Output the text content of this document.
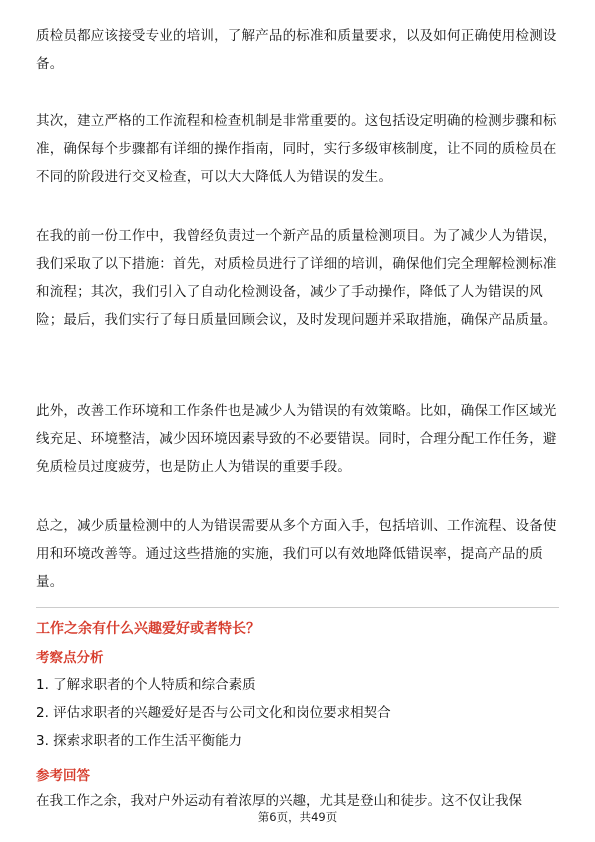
质检员都应该接受专业的培训，了解产品的标准和质量要求，以及如何正确使用检测设备。

其次，建立严格的工作流程和检查机制是非常重要的。这包括设定明确的检测步骤和标准，确保每个步骤都有详细的操作指南，同时，实行多级审核制度，让不同的质检员在不同的阶段进行交叉检查，可以大大降低人为错误的发生。

在我的前一份工作中，我曾经负责过一个新产品的质量检测项目。为了减少人为错误，我们采取了以下措施：首先，对质检员进行了详细的培训，确保他们完全理解检测标准和流程；其次，我们引入了自动化检测设备，减少了手动操作，降低了人为错误的风险；最后，我们实行了每日质量回顾会议，及时发现问题并采取措施，确保产品质量。

此外，改善工作环境和工作条件也是减少人为错误的有效策略。比如，确保工作区域光线充足、环境整洁，减少因环境因素导致的不必要错误。同时，合理分配工作任务，避免质检员过度疲劳，也是防止人为错误的重要手段。

总之，减少质量检测中的人为错误需要从多个方面入手，包括培训、工作流程、设备使用和环境改善等。通过这些措施的实施，我们可以有效地降低错误率，提高产品的质量。

工作之余有什么兴趣爱好或者特长？

考察点分析

1. 了解求职者的个人特质和综合素质

2. 评估求职者的兴趣爱好是否与公司文化和岗位要求相契合

3. 探索求职者的工作生活平衡能力

参考回答

在我工作之余，我对户外运动有着浓厚的兴趣，尤其是登山和徒步。这不仅让我保

第6页，共49页
